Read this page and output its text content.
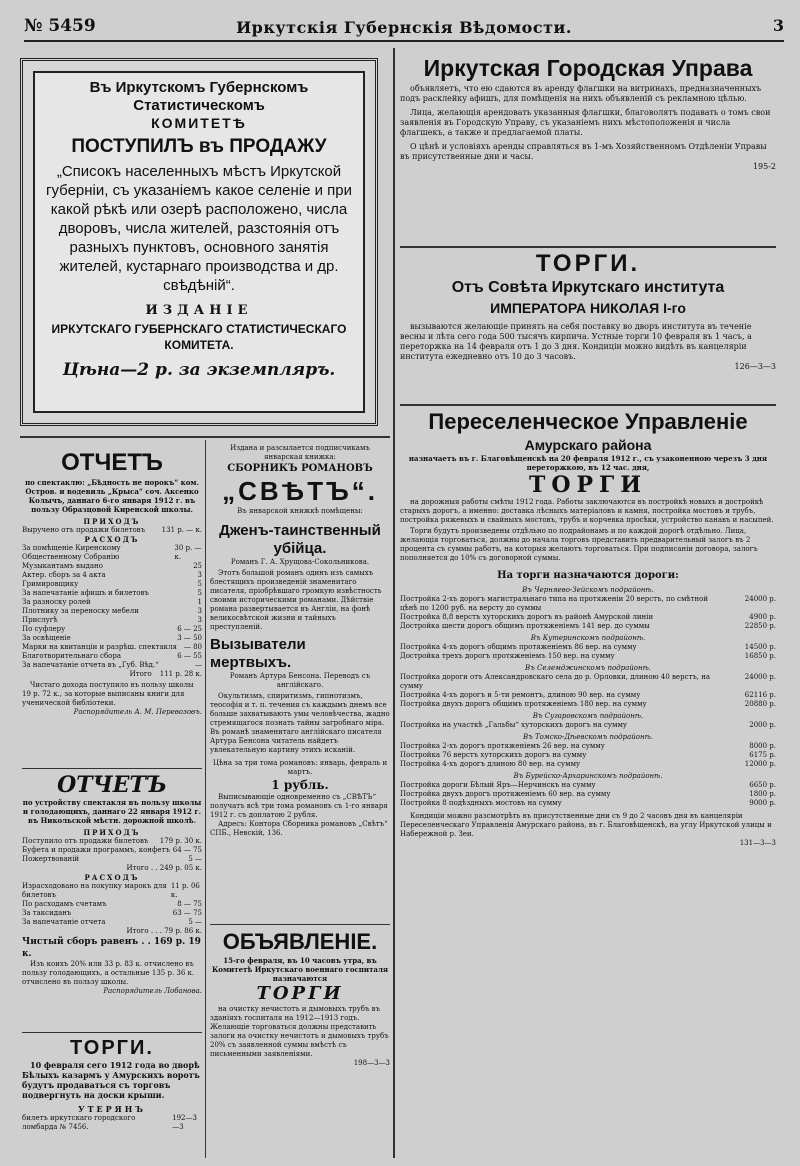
№ 5459	Иркутскія Губернскія Вѣдомости.	3

Въ Иркутскомъ Губернскомъ Статистическомъ

КОМИТЕТѢ

ПОСТУПИЛЪ въ ПРОДАЖУ

„Списокъ населенныхъ мѣстъ Иркутской губерніи, съ указаніемъ какое селеніе и при какой рѣкѣ или озерѣ расположено, числа дворовъ, числа жителей, разстоянія отъ разныхъ пунктовъ, основного занятія жителей, кустарнаго производства и др. свѣдѣній“.

ИЗДАНІЕ

ИРКУТСКАГО ГУБЕРНСКАГО СТАТИСТИЧЕСКАГО КОМИТЕТА.

Цѣна—2 р. за экземпляръ.

ОТЧЕТЪ

по спектаклю: „Бѣдность не порокъ“ ком. Остров. и водевиль „Крыса“ соч. Аксенко Колычъ, даннаго 6-го января 1912 г. въ пользу Образцовой Киренской школы.

ПРИХОДЪ

Выручено отъ продажи билетовъ 131 р. — к.

РАСХОДЪ

За помѣщеніе Киренскому Общественному Собранію
30 р. — к.
Музыкантамъ выдано	25
Актер. сборъ за 4 акта	3
Гримировщику	5
За напечатаніе афишъ и билетовъ	5
За разноску ролей	1
Плотнику за переноску мебели	3
Прислугѣ	3
По суфлеру	6 — 25
За освѣщеніе	3 — 50
Марки на квитанціи и разрѣш. спектакля — 80
Благотворительнаго сбора	6 — 55
За напечатаніе отчета въ „Губ. Вѣд.“	—
Итого 111 р. 28 к.

Чистаго дохода поступило въ пользу школы 19 р. 72 к., за которые выписаны книги для ученической библіотеки.

Распорядитель А. М. Перевозовъ.

ОТЧЕТЪ

по устройству спектакля въ пользу школы и голодающихъ, даннаго 22 января 1912 г. въ Никольской мѣстн. дорожной школѣ.

ПРИХОДЪ

Поступило отъ продажи билетовъ 179 р. 30 к.
Буфета и продажи программъ, конфетъ 64 — 75
Пожертвованій	5 —

Итого . . 249 р. 05 к.

РАСХОДЪ

Израсходовано на покупку марокъ для билетовъ
11 р. 06 к.
По расходамъ счетамъ	8 — 75
За таксиданъ	63 — 75
За напечатаніе отчета	5 —

Итого . . . 79 р. 86 к.

Чистый сборъ равенъ . . 169 р. 19 к.

Изъ коихъ 20% или 33 р. 83 к. отчислено въ пользу голодающихъ, а остальные 135 р. 36 к. отчислено въ пользу школы.

Распорядитель Лобанова.

ТОРГИ.

10 февраля сего 1912 года во дворѣ Бѣлыхъ казармъ у Амурскихъ воротъ будутъ продаваться съ торговъ подвергнуть на доски крыши.

УТЕРЯНЪ

билетъ иркутскаго городского ломбарда № 7456.
192—3—3

Издана и разсылается подписчикамъ январская книжка:

СБОРНИКЪ РОМАНОВЪ

„СВѢТЪ“.

Въ январской книжкѣ помѣщены:

Дженъ-таинственный убійца.

Романъ Г. А. Хрущова-Сокольникова.

Этотъ большой романъ одинъ изъ самыхъ блестящихъ произведеній знаменитаго писателя, пріобрѣвшаго громкую извѣстность своими историческими романами. Дѣйствіе романа развертывается въ Англіи, на фонѣ великосвѣтской жизни и тайныхъ преступленій.

Вызыватели мертвыхъ.

Романъ Артура Бенсона. Переводъ съ англійскаго.

Окультизмъ, спиритизмъ, гипнотизмъ, теософія и т. п. течения съ каждымъ днемъ все больше захватываютъ умы человѣчества, жадно стремящагося познать тайны загробнаго міра. Въ романѣ знаменитаго англійскаго писателя Артура Бенсона читатель найдетъ увлекательную картину этихъ исканій.

Цѣна за три тома романовъ: январь, февраль и мартъ.

1 рубль.

Выписывающіе одновременно съ „СВѢТЪ“ получатъ всѣ три тома романовъ съ 1-го января 1912 г. съ доплатою 2 рубля.

Адресъ: Контора Сборника романовъ „Свѣтъ“ СПБ., Невскій, 136.

ОБЪЯВЛЕНІЕ.

15-го февраля, въ 10 часовъ утра, въ Комитетѣ Иркутскаго военнаго госпиталя назначаются

ТОРГИ

на очистку нечистотъ и дымовыхъ трубъ въ зданіяхъ госпиталя на 1912—1913 годъ. Желающіе торговаться должны представить залоги на очистку нечистотъ и дымовыхъ трубъ 20% съ заявленной суммы вмѣстѣ съ письменными заявленіями.

198—3—3

Иркутская Городская Управа

объявляетъ, что ею сдаются въ аренду флагшки на витринахъ, предназначенныхъ подъ расклейку афишъ, для помѣщенія на нихъ объявленій съ рекламною цѣлью.

Лица, желающія арендовать указанныя флагшки, благоволятъ подавать о томъ свои заявленія въ Городскую Управу, съ указаніемъ нихъ мѣстоположенія и числа флагшекъ, а также и предлагаемой платы.

О цѣнѣ и условіяхъ аренды справляться въ 1-мъ Хозяйственномъ Отдѣленіи Управы въ присутственные дни и часы.

195-2

ТОРГИ.

Отъ Совѣта Иркутскаго института

ИМПЕРАТОРА НИКОЛАЯ I-го

вызываются желающіе принять на себя поставку во дворъ института въ теченіе весны и лѣта сего года 500 тысячъ кирпича. Устные торги 10 февраля въ 1 часъ, а переторжка на 14 февраля отъ 1 до 3 дня. Кондиціи можно видѣть въ канцеляріи института ежедневно отъ 10 до 3 часовъ.

126—3—3

Переселенческое Управленіе

Амурскаго района

назначаетъ въ г. Благовѣщенскѣ на 20 февраля 1912 г., съ узаконенною черезъ 3 дня переторжкою, въ 12 час. дня,

ТОРГИ

на дорожныя работы смѣты 1912 года. Работы заключаются въ постройкѣ новыхъ и достройкѣ старыхъ дорогъ, а именно: доставка лѣсныхъ матеріаловъ и камня, постройка мостовъ и трубъ, постройка ряжевыхъ и свайныхъ мостовъ, трубъ и корчевка просѣки, устройство канавъ и насыпей.

Торги будутъ произведены отдѣльно по подрайонамъ и по каждой дорогѣ отдѣльно. Лица, желающія торговаться, должны до начала торговъ представить предварительный залогъ въ 2 процента съ суммы работъ, на которыя желаютъ торговаться. При подписаніи договора, залогъ пополняется до 10% съ договорной суммы.

На торги назначаются дороги:

Въ Черняево-Зейскомъ подрайонѣ.

Постройка 2-хъ дорогъ магистральнаго типа на протяженіи 20 верстъ, по смѣтной цѣнѣ по 1200 руб. на версту до суммы
24000 р.
Постройка 8,8 верстъ хуторскихъ дорогъ въ районѣ Амурской линіи	4900 р.
Достройка шести дорогъ общимъ протяженіемъ 141 вер. до суммы	22850 р.

Въ Кутеринскомъ подрайонѣ.

Постройка 4-хъ дорогъ общимъ протяженіемъ 86 вер. на сумму	14500 р.
Достройка трехъ дорогъ протяженіемъ 150 вер. на сумму	16850 р.

Въ Селемджинскомъ подрайонѣ.

Постройка дороги отъ Александровскаго села до р. Орловки, длиною 40 верстъ, на сумму
24000 р.
Постройка 4-хъ дорогъ и 5-ти ремонтъ, длиною 90 вер. на сумму	62116 р.
Постройка двухъ дорогъ общимъ протяженіемъ 180 вер. на сумму	20880 р.

Въ Сугаровскомъ подрайонѣ.

Постройка на участкѣ „Гальбы“ хуторскихъ дорогъ на сумму	2000 р.

Въ Томско-Дѣевскомъ подрайонѣ.

Постройка 2-хъ дорогъ протяженіемъ 26 вер. на сумму	8000 р.
Постройка 76 верстъ хуторскихъ дорогъ на сумму	6175 р.
Постройка 4-хъ дорогъ длиною 80 вер. на сумму	12000 р.

Въ Бурейско-Архаринскомъ подрайонѣ.

Постройка дороги Бѣлый Яръ—Нерчинскъ на сумму	6650 р.
Постройка двухъ дорогъ протяженіемъ 60 вер. на сумму	1800 р.
Постройка 8 подѣздныхъ мостовъ на сумму	9000 р.

Кондиціи можно разсмотрѣть въ присутственные дни съ 9 до 2 часовъ дня въ канцеляріи Переселенческаго Управленія Амурскаго района, въ г. Благовѣщенскѣ, на углу Иркутской улицы и Набережной р. Зеи.

131—3—3
